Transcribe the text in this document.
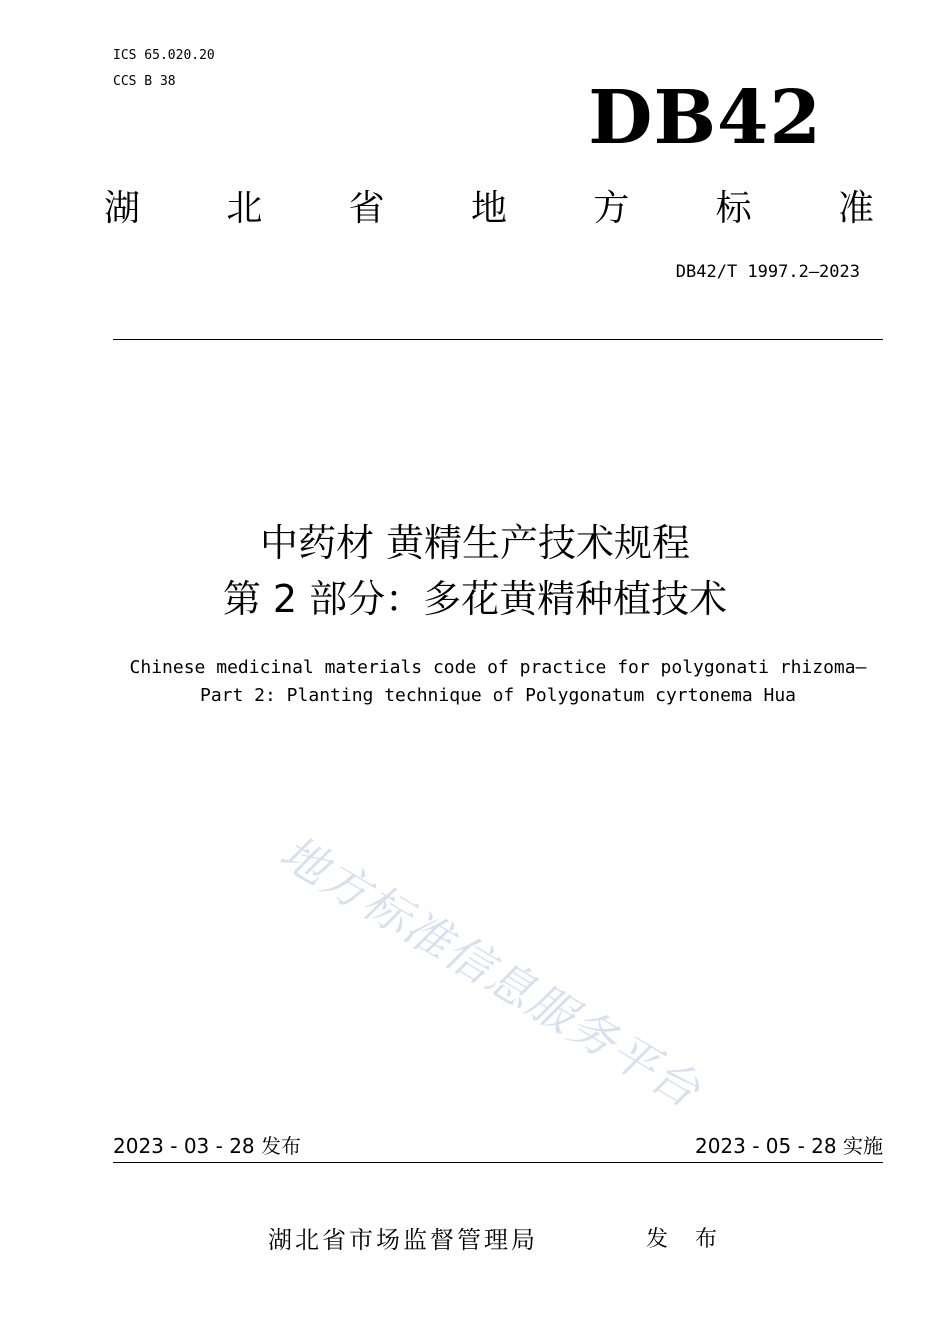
ICS 65.020.20
CCS B 38	DB42
湖 北 省 地 方 标 准
DB42/T 1997.2—2023
中药材 黄精生产技术规程
第 2 部分：多花黄精种植技术
Chinese medicinal materials code of practice for polygonati rhizoma—
Part 2: Planting technique of Polygonatum cyrtonema Hua
地方标准信息服务平台
2023 - 03 - 28 发布	2023 - 05 - 28 实施
湖北省市场监督管理局	发 布
